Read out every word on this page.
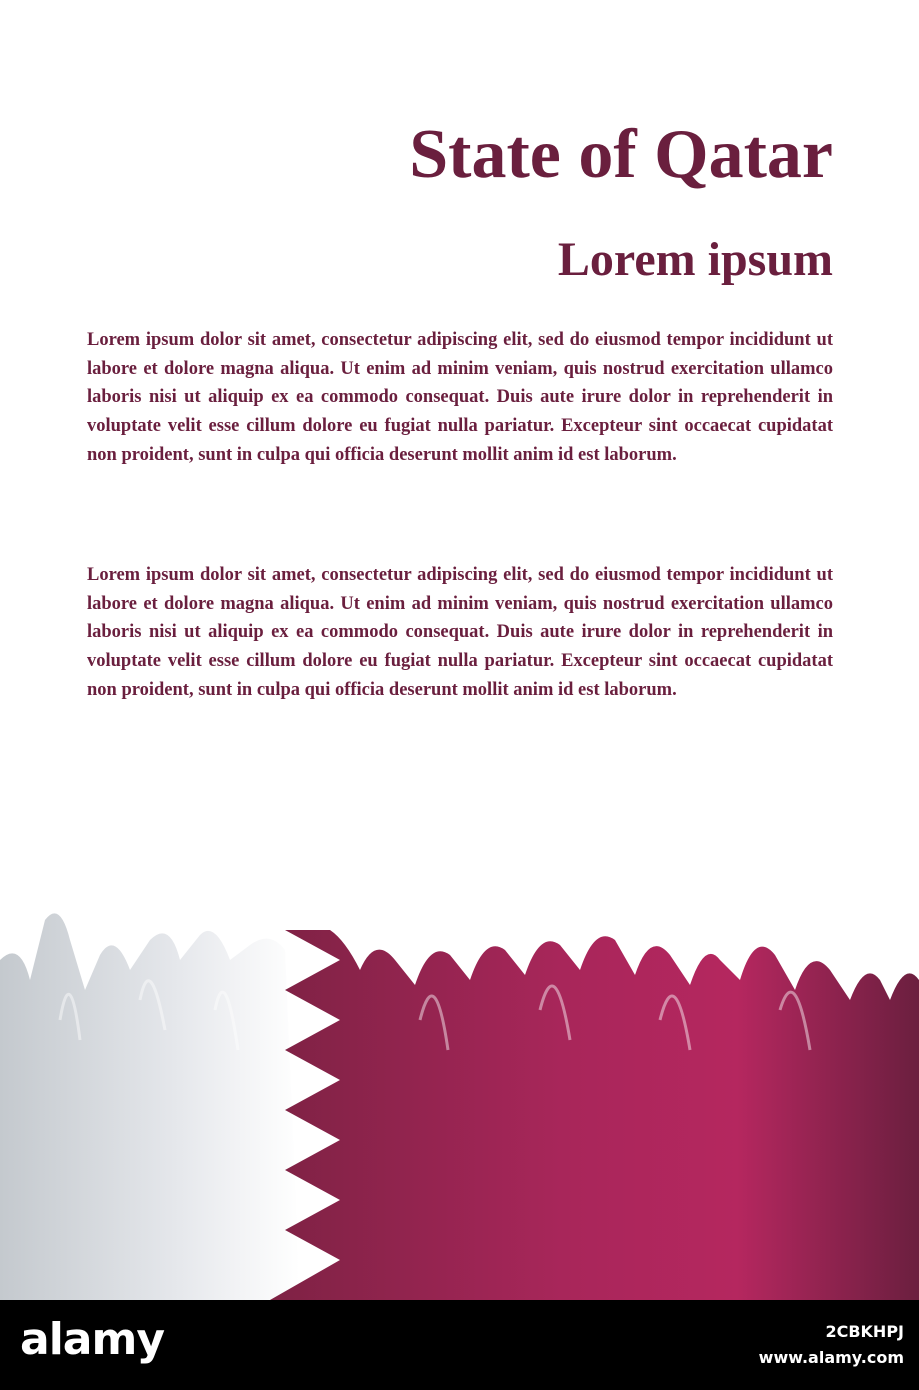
State of Qatar
Lorem ipsum

Lorem ipsum dolor sit amet, consectetur adipiscing elit, sed do eiusmod tempor incididunt ut labore et dolore magna aliqua. Ut enim ad minim veniam, quis nostrud exercitation ullamco laboris nisi ut aliquip ex ea commodo consequat. Duis aute irure dolor in reprehenderit in voluptate velit esse cillum dolore eu fugiat nulla pariatur. Excepteur sint occaecat cupidatat non proident, sunt in culpa qui officia deserunt mollit anim id est laborum.

Lorem ipsum dolor sit amet, consectetur adipiscing elit, sed do eiusmod tempor incididunt ut labore et dolore magna aliqua. Ut enim ad minim veniam, quis nostrud exercitation ullamco laboris nisi ut aliquip ex ea commodo consequat. Duis aute irure dolor in reprehenderit in voluptate velit esse cillum dolore eu fugiat nulla pariatur. Excepteur sint occaecat cupidatat non proident, sunt in culpa qui officia deserunt mollit anim id est laborum.

alamy	2CBKHPJ
www.alamy.com
